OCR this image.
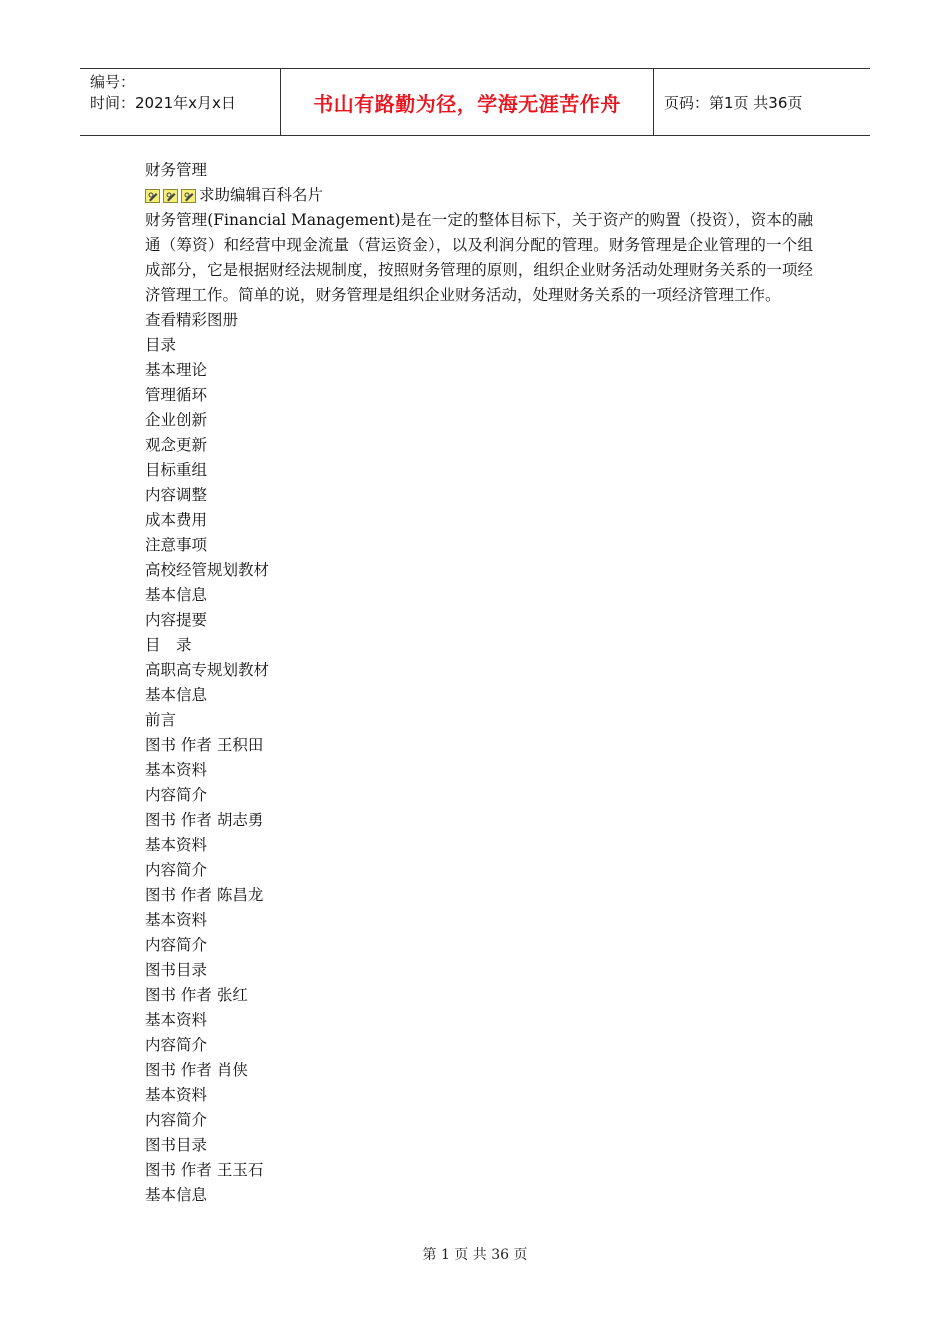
编号：
时间：2021年x月x日	书山有路勤为径，学海无涯苦作舟	页码：第1页 共36页
财务管理
求助编辑百科名片
财务管理(Financial Management)是在一定的整体目标下，关于资产的购置（投资），资本的融通（筹资）和经营中现金流量（营运资金），以及利润分配的管理。财务管理是企业管理的一个组成部分，它是根据财经法规制度，按照财务管理的原则，组织企业财务活动处理财务关系的一项经济管理工作。简单的说，财务管理是组织企业财务活动，处理财务关系的一项经济管理工作。
查看精彩图册
目录
基本理论
管理循环
企业创新
观念更新
目标重组
内容调整
成本费用
注意事项
高校经管规划教材
基本信息
内容提要
目　录
高职高专规划教材
基本信息
前言
图书 作者 王积田
基本资料
内容简介
图书 作者 胡志勇
基本资料
内容简介
图书 作者 陈昌龙
基本资料
内容简介
图书目录
图书 作者 张红
基本资料
内容简介
图书 作者 肖侠
基本资料
内容简介
图书目录
图书 作者 王玉石
基本信息
第 1 页 共 36 页
